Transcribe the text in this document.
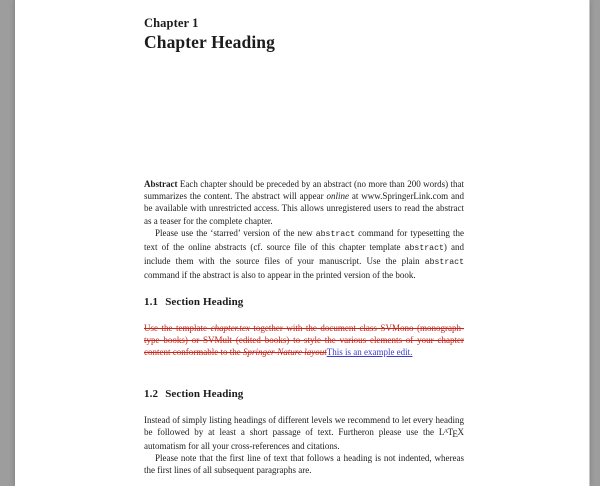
Chapter 1
Chapter Heading

Abstract Each chapter should be preceded by an abstract (no more than 200 words) that summarizes the content. The abstract will appear online at www.SpringerLink.com and be available with unrestricted access. This allows unregistered users to read the abstract as a teaser for the complete chapter.

Please use the ‘starred’ version of the new abstract command for typesetting the text of the online abstracts (cf. source file of this chapter template abstract) and include them with the source files of your manuscript. Use the plain abstract command if the abstract is also to appear in the printed version of the book.

1.1 Section Heading

Use the template chapter.tex together with the document class SVMono (monograph-type books) or SVMult (edited books) to style the various elements of your chapter content conformable to the Springer-Nature layoutThis is an example edit.

1.2 Section Heading

Instead of simply listing headings of different levels we recommend to let every heading be followed by at least a short passage of text. Furtheron please use the LATEX automatism for all your cross-references and citations.

Please note that the first line of text that follows a heading is not indented, whereas the first lines of all subsequent paragraphs are.
